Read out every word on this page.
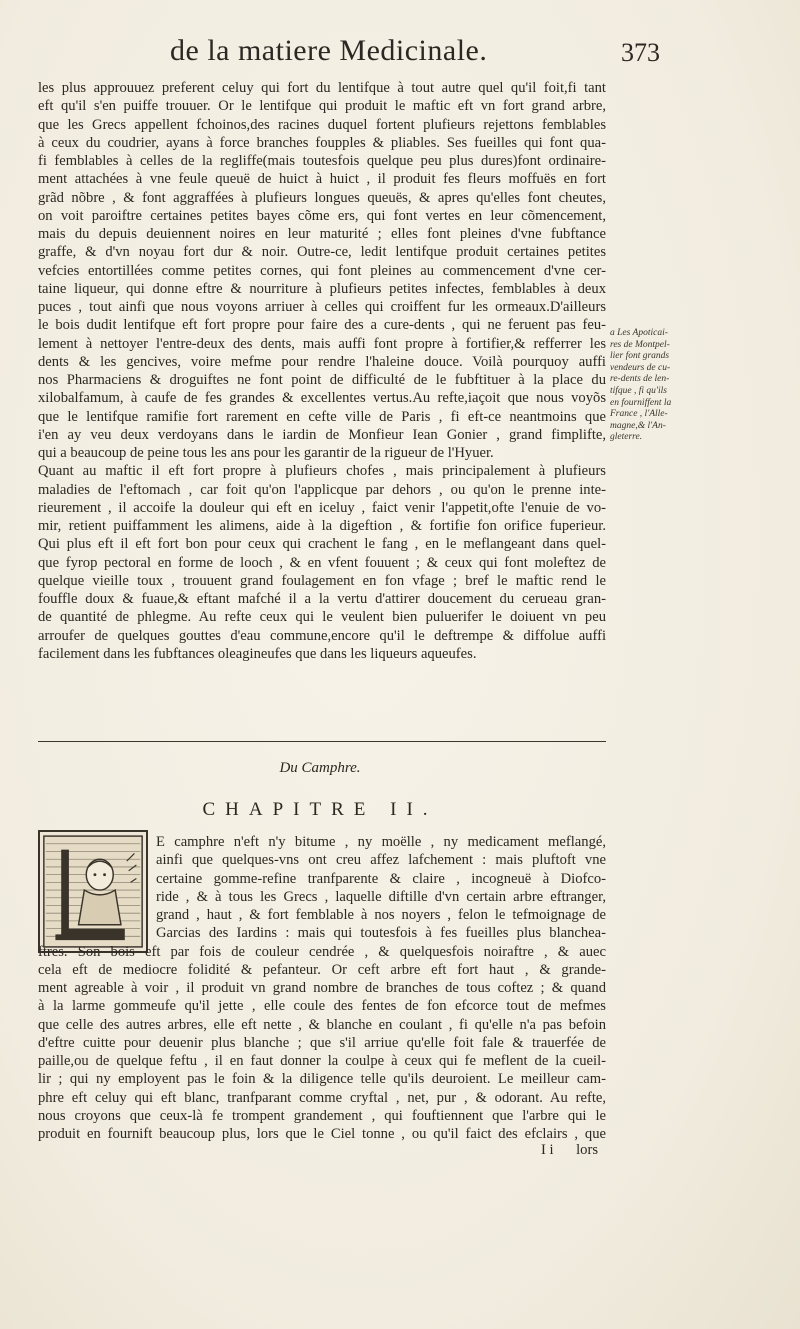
de la matiere Medicinale.	373
les plus approuuez preferent celuy qui fort du lentifque à tout autre quel qu'il foit,fi tant
eft qu'il s'en puiffe trouuer. Or le lentifque qui produit le maftic eft vn fort grand arbre,
que les Grecs appellent fchoinos,des racines duquel fortent plufieurs rejettons femblables
à ceux du coudrier, ayans à force branches foupples & pliables. Ses fueilles qui font qua-
fi femblables à celles de la regliffe(mais toutesfois quelque peu plus dures)font ordinaire-
ment attachées à vne feule queuë de huict à huict , il produit fes fleurs moffuës en fort
grãd nõbre , & font aggraffées à plufieurs longues queuës, & apres qu'elles font cheutes,
on voit paroiftre certaines petites bayes cõme ers, qui font vertes en leur cõmencement,
mais du depuis deuiennent noires en leur maturité ; elles font pleines d'vne fubftance
graffe, & d'vn noyau fort dur & noir. Outre-ce, ledit lentifque produit certaines petites
vefcies entortillées comme petites cornes, qui font pleines au commencement d'vne cer-
taine liqueur, qui donne eftre & nourriture à plufieurs petites infectes, femblables à deux
puces , tout ainfi que nous voyons arriuer à celles qui croiffent fur les ormeaux.D'ailleurs
le bois dudit lentifque eft fort propre pour faire des a cure-dents , qui ne feruent pas feu-
lement à nettoyer l'entre-deux des dents, mais auffi font propre à fortifier,& refferrer les
dents & les gencives, voire mefme pour rendre l'haleine douce. Voilà pourquoy auffi
nos Pharmaciens & droguiftes ne font point de difficulté de le fubftituer à la place du
xilobalfamum, à caufe de fes grandes & excellentes vertus.Au refte,iaçoit que nous voyõs
que le lentifque ramifie fort rarement en cefte ville de Paris , fi eft-ce neantmoins que
i'en ay veu deux verdoyans dans le iardin de Monfieur Iean Gonier , grand fimplifte,
qui a beaucoup de peine tous les ans pour les garantir de la rigueur de l'Hyuer.
Quant au maftic il eft fort propre à plufieurs chofes , mais principalement à plufieurs
maladies de l'eftomach , car foit qu'on l'applicque par dehors , ou qu'on le prenne inte-
rieurement , il accoife la douleur qui eft en iceluy , faict venir l'appetit,ofte l'enuie de vo-
mir, retient puiffamment les alimens, aide à la digeftion , & fortifie fon orifice fuperieur.
Qui plus eft il eft fort bon pour ceux qui crachent le fang , en le meflangeant dans quel-
que fyrop pectoral en forme de looch , & en vfent fouuent ; & ceux qui font moleftez de
quelque vieille toux , trouuent grand foulagement en fon vfage ; bref le maftic rend le
fouffle doux & fuaue,& eftant mafché il a la vertu d'attirer doucement du cerueau gran-
de quantité de phlegme. Au refte ceux qui le veulent bien puluerifer le doiuent vn peu
arroufer de quelques gouttes d'eau commune,encore qu'il le deftrempe & diffolue auffi
facilement dans les fubftances oleagineufes que dans les liqueurs aqueufes.
a Les Apoticai-
res de Montpel-
lier font grands
vendeurs de cu-
re-dents de len-
tifque , fi qu'ils
en fourniffent la
France , l'Alle-
magne,& l'An-
gleterre.
Du Camphre.
CHAPITRE II.
E camphre n'eft n'y bitume , ny moëlle , ny medicament meflangé,
ainfi que quelques-vns ont creu affez lafchement : mais pluftoft vne
certaine gomme-refine tranfparente & claire , incogneuë à Diofco-
ride , & à tous les Grecs , laquelle diftille d'vn certain arbre eftranger,
grand , haut , & fort femblable à nos noyers , felon le tefmoignage de
Garcias des Iardins : mais qui toutesfois à fes fueilles plus blanchea-
ftres. Son bois eft par fois de couleur cendrée , & quelquesfois noiraftre , & auec
cela eft de mediocre folidité & pefanteur. Or ceft arbre eft fort haut , & grande-
ment agreable à voir , il produit vn grand nombre de branches de tous coftez ; & quand
à la larme gommeufe qu'il jette , elle coule des fentes de fon efcorce tout de mefmes
que celle des autres arbres, elle eft nette , & blanche en coulant , fi qu'elle n'a pas befoin
d'eftre cuitte pour deuenir plus blanche ; que s'il arriue qu'elle foit fale & trauerfée de
paille,ou de quelque feftu , il en faut donner la coulpe à ceux qui fe meflent de la cueil-
lir ; qui ny employent pas le foin & la diligence telle qu'ils deuroient. Le meilleur cam-
phre eft celuy qui eft blanc, tranfparant comme cryftal , net, pur , & odorant. Au refte,
nous croyons que ceux-là fe trompent grandement , qui fouftiennent que l'arbre qui le
produit en fournift beaucoup plus, lors que le Ciel tonne , ou qu'il faict des efclairs , que
I i lors
